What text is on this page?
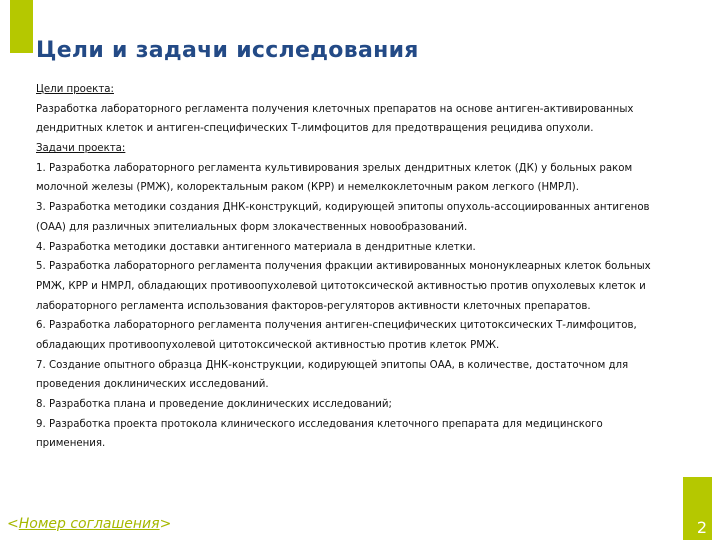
Цели и задачи исследования
Цели проекта:
Разработка лабораторного регламента получения клеточных препаратов на основе антиген-активированных
дендритных клеток и антиген-специфических Т-лимфоцитов для предотвращения рецидива опухоли.
Задачи проекта:
1. Разработка лабораторного регламента культивирования зрелых дендритных клеток (ДК) у больных раком
молочной железы (РМЖ), колоректальным раком (КРР) и немелкоклеточным раком легкого (НМРЛ).
3. Разработка методики создания ДНК-конструкций, кодирующей эпитопы опухоль-ассоциированных антигенов
(ОАА) для различных эпителиальных форм злокачественных новообразований.
4. Разработка методики доставки антигенного материала в дендритные клетки.
5. Разработка лабораторного регламента получения фракции активированных мононуклеарных клеток больных
РМЖ, КРР и НМРЛ, обладающих противоопухолевой цитотоксической активностью против опухолевых клеток и
лабораторного регламента использования факторов-регуляторов активности клеточных препаратов.
6. Разработка лабораторного регламента получения антиген-специфических цитотоксических Т-лимфоцитов,
обладающих противоопухолевой цитотоксической активностью против клеток РМЖ.
7. Создание опытного образца ДНК-конструкции, кодирующей эпитопы ОАА, в количестве, достаточном для
проведения доклинических исследований.
8. Разработка плана и проведение доклинических исследований;
9. Разработка проекта протокола клинического исследования клеточного препарата для медицинского
применения.
<Номер соглашения>	2
